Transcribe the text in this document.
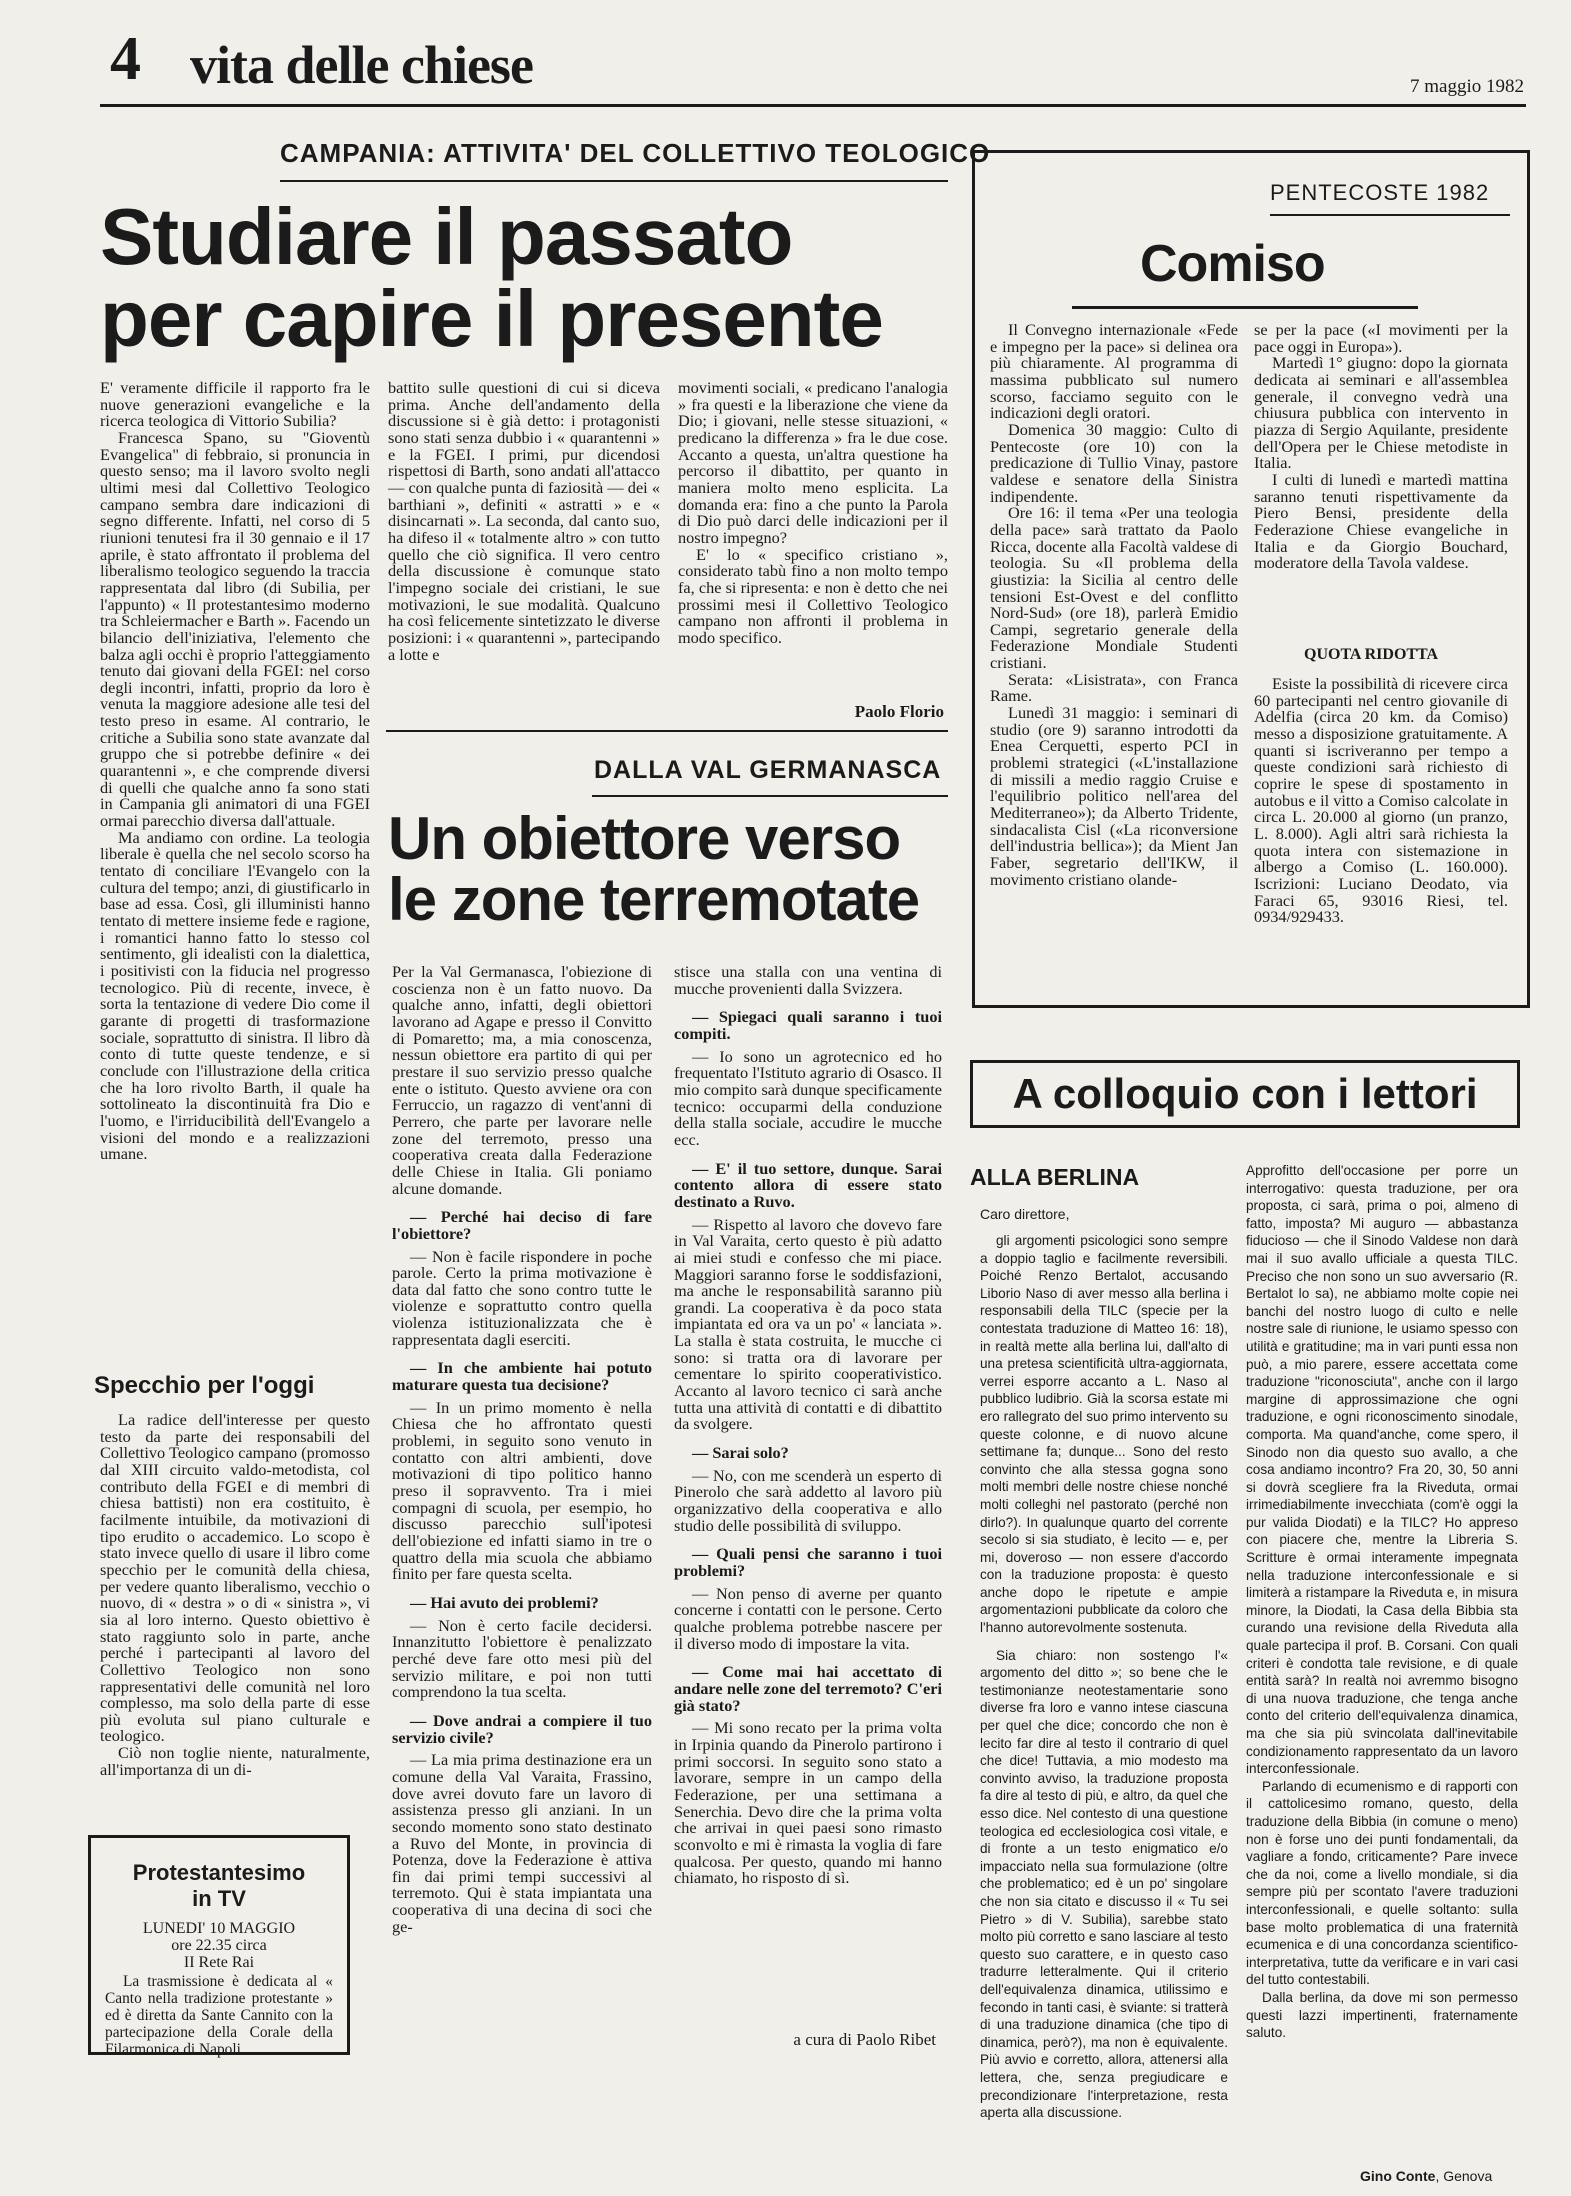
4 vita delle chiese	7 maggio 1982
CAMPANIA: ATTIVITA' DEL COLLETTIVO TEOLOGICO
Studiare il passato
per capire il presente

E' veramente difficile il rapporto fra le nuove generazioni evangeliche e la ricerca teologica di Vittorio Subilia?

Francesca Spano, su "Gioventù Evangelica" di febbraio, si pronuncia in questo senso; ma il lavoro svolto negli ultimi mesi dal Collettivo Teologico campano sembra dare indicazioni di segno differente. Infatti, nel corso di 5 riunioni tenutesi fra il 30 gennaio e il 17 aprile, è stato affrontato il problema del liberalismo teologico seguendo la traccia rappresentata dal libro (di Subilia, per l'appunto) « Il protestantesimo moderno tra Schleiermacher e Barth ». Facendo un bilancio dell'iniziativa, l'elemento che balza agli occhi è proprio l'atteggiamento tenuto dai giovani della FGEI: nel corso degli incontri, infatti, proprio da loro è venuta la maggiore adesione alle tesi del testo preso in esame. Al contrario, le critiche a Subilia sono state avanzate dal gruppo che si potrebbe definire « dei quarantenni », e che comprende diversi di quelli che qualche anno fa sono stati in Campania gli animatori di una FGEI ormai parecchio diversa dall'attuale.

Ma andiamo con ordine. La teologia liberale è quella che nel secolo scorso ha tentato di conciliare l'Evangelo con la cultura del tempo; anzi, di giustificarlo in base ad essa. Così, gli illuministi hanno tentato di mettere insieme fede e ragione, i romantici hanno fatto lo stesso col sentimento, gli idealisti con la dialettica, i positivisti con la fiducia nel progresso tecnologico. Più di recente, invece, è sorta la tentazione di vedere Dio come il garante di progetti di trasformazione sociale, soprattutto di sinistra. Il libro dà conto di tutte queste tendenze, e si conclude con l'illustrazione della critica che ha loro rivolto Barth, il quale ha sottolineato la discontinuità fra Dio e l'uomo, e l'irriducibilità dell'Evangelo a visioni del mondo e a realizzazioni umane.

Specchio per l'oggi

La radice dell'interesse per questo testo da parte dei responsabili del Collettivo Teologico campano (promosso dal XIII circuito valdo-metodista, col contributo della FGEI e di membri di chiesa battisti) non era costituito, è facilmente intuibile, da motivazioni di tipo erudito o accademico. Lo scopo è stato invece quello di usare il libro come specchio per le comunità della chiesa, per vedere quanto liberalismo, vecchio o nuovo, di « destra » o di « sinistra », vi sia al loro interno. Questo obiettivo è stato raggiunto solo in parte, anche perché i partecipanti al lavoro del Collettivo Teologico non sono rappresentativi delle comunità nel loro complesso, ma solo della parte di esse più evoluta sul piano culturale e teologico.

Ciò non toglie niente, naturalmente, all'importanza di un di-

battito sulle questioni di cui si diceva prima. Anche dell'andamento della discussione si è già detto: i protagonisti sono stati senza dubbio i « quarantenni » e la FGEI. I primi, pur dicendosi rispettosi di Barth, sono andati all'attacco — con qualche punta di faziosità — dei « barthiani », definiti « astratti » e « disincarnati ». La seconda, dal canto suo, ha difeso il « totalmente altro » con tutto quello che ciò significa. Il vero centro della discussione è comunque stato l'impegno sociale dei cristiani, le sue motivazioni, le sue modalità. Qualcuno ha così felicemente sintetizzato le diverse posizioni: i « quarantenni », partecipando a lotte e

movimenti sociali, « predicano l'analogia » fra questi e la liberazione che viene da Dio; i giovani, nelle stesse situazioni, « predicano la differenza » fra le due cose. Accanto a questa, un'altra questione ha percorso il dibattito, per quanto in maniera molto meno esplicita. La domanda era: fino a che punto la Parola di Dio può darci delle indicazioni per il nostro impegno?

E' lo « specifico cristiano », considerato tabù fino a non molto tempo fa, che si ripresenta: e non è detto che nei prossimi mesi il Collettivo Teologico campano non affronti il problema in modo specifico.

Paolo Florio
DALLA VAL GERMANASCA
Un obiettore verso
le zone terremotate

Per la Val Germanasca, l'obiezione di coscienza non è un fatto nuovo. Da qualche anno, infatti, degli obiettori lavorano ad Agape e presso il Convitto di Pomaretto; ma, a mia conoscenza, nessun obiettore era partito di qui per prestare il suo servizio presso qualche ente o istituto. Questo avviene ora con Ferruccio, un ragazzo di vent'anni di Perrero, che parte per lavorare nelle zone del terremoto, presso una cooperativa creata dalla Federazione delle Chiese in Italia. Gli poniamo alcune domande.

— Perché hai deciso di fare l'obiettore?

— Non è facile rispondere in poche parole. Certo la prima motivazione è data dal fatto che sono contro tutte le violenze e soprattutto contro quella violenza istituzionalizzata che è rappresentata dagli eserciti.

— In che ambiente hai potuto maturare questa tua decisione?

— In un primo momento è nella Chiesa che ho affrontato questi problemi, in seguito sono venuto in contatto con altri ambienti, dove motivazioni di tipo politico hanno preso il sopravvento. Tra i miei compagni di scuola, per esempio, ho discusso parecchio sull'ipotesi dell'obiezione ed infatti siamo in tre o quattro della mia scuola che abbiamo finito per fare questa scelta.

— Hai avuto dei problemi?

— Non è certo facile decidersi. Innanzitutto l'obiettore è penalizzato perché deve fare otto mesi più del servizio militare, e poi non tutti comprendono la tua scelta.

— Dove andrai a compiere il tuo servizio civile?

— La mia prima destinazione era un comune della Val Varaita, Frassino, dove avrei dovuto fare un lavoro di assistenza presso gli anziani. In un secondo momento sono stato destinato a Ruvo del Monte, in provincia di Potenza, dove la Federazione è attiva fin dai primi tempi successivi al terremoto. Qui è stata impiantata una cooperativa di una decina di soci che ge-

stisce una stalla con una ventina di mucche provenienti dalla Svizzera.

— Spiegaci quali saranno i tuoi compiti.

— Io sono un agrotecnico ed ho frequentato l'Istituto agrario di Osasco. Il mio compito sarà dunque specificamente tecnico: occuparmi della conduzione della stalla sociale, accudire le mucche ecc.

— E' il tuo settore, dunque. Sarai contento allora di essere stato destinato a Ruvo.

— Rispetto al lavoro che dovevo fare in Val Varaita, certo questo è più adatto ai miei studi e confesso che mi piace. Maggiori saranno forse le soddisfazioni, ma anche le responsabilità saranno più grandi. La cooperativa è da poco stata impiantata ed ora va un po' « lanciata ». La stalla è stata costruita, le mucche ci sono: si tratta ora di lavorare per cementare lo spirito cooperativistico. Accanto al lavoro tecnico ci sarà anche tutta una attività di contatti e di dibattito da svolgere.

— Sarai solo?

— No, con me scenderà un esperto di Pinerolo che sarà addetto al lavoro più organizzativo della cooperativa e allo studio delle possibilità di sviluppo.

— Quali pensi che saranno i tuoi problemi?

— Non penso di averne per quanto concerne i contatti con le persone. Certo qualche problema potrebbe nascere per il diverso modo di impostare la vita.

— Come mai hai accettato di andare nelle zone del terremoto? C'eri già stato?

— Mi sono recato per la prima volta in Irpinia quando da Pinerolo partirono i primi soccorsi. In seguito sono stato a lavorare, sempre in un campo della Federazione, per una settimana a Senerchia. Devo dire che la prima volta che arrivai in quei paesi sono rimasto sconvolto e mi è rimasta la voglia di fare qualcosa. Per questo, quando mi hanno chiamato, ho risposto di sì.

a cura di Paolo Ribet
Protestantesimo
in TV
LUNEDI' 10 MAGGIO
ore 22.35 circa
II Rete Rai

La trasmissione è dedicata al « Canto nella tradizione protestante » ed è diretta da Sante Cannito con la partecipazione della Corale della Filarmonica di Napoli.

PENTECOSTE 1982
Comiso

Il Convegno internazionale «Fede e impegno per la pace» si delinea ora più chiaramente. Al programma di massima pubblicato sul numero scorso, facciamo seguito con le indicazioni degli oratori.

Domenica 30 maggio: Culto di Pentecoste (ore 10) con la predicazione di Tullio Vinay, pastore valdese e senatore della Sinistra indipendente.

Ore 16: il tema «Per una teologia della pace» sarà trattato da Paolo Ricca, docente alla Facoltà valdese di teologia. Su «Il problema della giustizia: la Sicilia al centro delle tensioni Est-Ovest e del conflitto Nord-Sud» (ore 18), parlerà Emidio Campi, segretario generale della Federazione Mondiale Studenti cristiani.

Serata: «Lisistrata», con Franca Rame.

Lunedì 31 maggio: i seminari di studio (ore 9) saranno introdotti da Enea Cerquetti, esperto PCI in problemi strategici («L'installazione di missili a medio raggio Cruise e l'equilibrio politico nell'area del Mediterraneo»); da Alberto Tridente, sindacalista Cisl («La riconversione dell'industria bellica»); da Mient Jan Faber, segretario dell'IKW, il movimento cristiano olande-

se per la pace («I movimenti per la pace oggi in Europa»).

Martedì 1° giugno: dopo la giornata dedicata ai seminari e all'assemblea generale, il convegno vedrà una chiusura pubblica con intervento in piazza di Sergio Aquilante, presidente dell'Opera per le Chiese metodiste in Italia.

I culti di lunedì e martedì mattina saranno tenuti rispettivamente da Piero Bensi, presidente della Federazione Chiese evangeliche in Italia e da Giorgio Bouchard, moderatore della Tavola valdese.

QUOTA RIDOTTA

Esiste la possibilità di ricevere circa 60 partecipanti nel centro giovanile di Adelfia (circa 20 km. da Comiso) messo a disposizione gratuitamente. A quanti si iscriveranno per tempo a queste condizioni sarà richiesto di coprire le spese di spostamento in autobus e il vitto a Comiso calcolate in circa L. 20.000 al giorno (un pranzo, L. 8.000). Agli altri sarà richiesta la quota intera con sistemazione in albergo a Comiso (L. 160.000). Iscrizioni: Luciano Deodato, via Faraci 65, 93016 Riesi, tel. 0934/929433.

A colloquio con i lettori
ALLA BERLINA
Caro direttore,

gli argomenti psicologici sono sempre a doppio taglio e facilmente reversibili. Poiché Renzo Bertalot, accusando Liborio Naso di aver messo alla berlina i responsabili della TILC (specie per la contestata traduzione di Matteo 16: 18), in realtà mette alla berlina lui, dall'alto di una pretesa scientificità ultra-aggiornata, verrei esporre accanto a L. Naso al pubblico ludibrio. Già la scorsa estate mi ero rallegrato del suo primo intervento su queste colonne, e di nuovo alcune settimane fa; dunque... Sono del resto convinto che alla stessa gogna sono molti membri delle nostre chiese nonché molti colleghi nel pastorato (perché non dirlo?). In qualunque quarto del corrente secolo si sia studiato, è lecito — e, per mi, doveroso — non essere d'accordo con la traduzione proposta: è questo anche dopo le ripetute e ampie argomentazioni pubblicate da coloro che l'hanno autorevolmente sostenuta.

Sia chiaro: non sostengo l'« argomento del ditto »; so bene che le testimonianze neotestamentarie sono diverse fra loro e vanno intese ciascuna per quel che dice; concordo che non è lecito far dire al testo il contrario di quel che dice! Tuttavia, a mio modesto ma convinto avviso, la traduzione proposta fa dire al testo di più, e altro, da quel che esso dice. Nel contesto di una questione teologica ed ecclesiologica così vitale, e di fronte a un testo enigmatico e/o impacciato nella sua formulazione (oltre che problematico; ed è un po' singolare che non sia citato e discusso il « Tu sei Pietro » di V. Subilia), sarebbe stato molto più corretto e sano lasciare al testo questo suo carattere, e in questo caso tradurre letteralmente. Qui il criterio dell'equivalenza dinamica, utilissimo e fecondo in tanti casi, è sviante: si tratterà di una traduzione dinamica (che tipo di dinamica, però?), ma non è equivalente. Più avvio e corretto, allora, attenersi alla lettera, che, senza pregiudicare e precondizionare l'interpretazione, resta aperta alla discussione.

Approfitto dell'occasione per porre un interrogativo: questa traduzione, per ora proposta, ci sarà, prima o poi, almeno di fatto, imposta? Mi auguro — abbastanza fiducioso — che il Sinodo Valdese non darà mai il suo avallo ufficiale a questa TILC. Preciso che non sono un suo avversario (R. Bertalot lo sa), ne abbiamo molte copie nei banchi del nostro luogo di culto e nelle nostre sale di riunione, le usiamo spesso con utilità e gratitudine; ma in vari punti essa non può, a mio parere, essere accettata come traduzione "riconosciuta", anche con il largo margine di approssimazione che ogni traduzione, e ogni riconoscimento sinodale, comporta. Ma quand'anche, come spero, il Sinodo non dia questo suo avallo, a che cosa andiamo incontro? Fra 20, 30, 50 anni si dovrà scegliere fra la Riveduta, ormai irrimediabilmente invecchiata (com'è oggi la pur valida Diodati) e la TILC? Ho appreso con piacere che, mentre la Libreria S. Scritture è ormai interamente impegnata nella traduzione interconfessionale e si limiterà a ristampare la Riveduta e, in misura minore, la Diodati, la Casa della Bibbia sta curando una revisione della Riveduta alla quale partecipa il prof. B. Corsani. Con quali criteri è condotta tale revisione, e di quale entità sarà? In realtà noi avremmo bisogno di una nuova traduzione, che tenga anche conto del criterio dell'equivalenza dinamica, ma che sia più svincolata dall'inevitabile condizionamento rappresentato da un lavoro interconfessionale.

Parlando di ecumenismo e di rapporti con il cattolicesimo romano, questo, della traduzione della Bibbia (in comune o meno) non è forse uno dei punti fondamentali, da vagliare a fondo, criticamente? Pare invece che da noi, come a livello mondiale, si dia sempre più per scontato l'avere traduzioni interconfessionali, e quelle soltanto: sulla base molto problematica di una fraternità ecumenica e di una concordanza scientifico-interpretativa, tutte da verificare e in vari casi del tutto contestabili.

Dalla berlina, da dove mi son permesso questi lazzi impertinenti, fraternamente saluto.

Gino Conte, Genova
